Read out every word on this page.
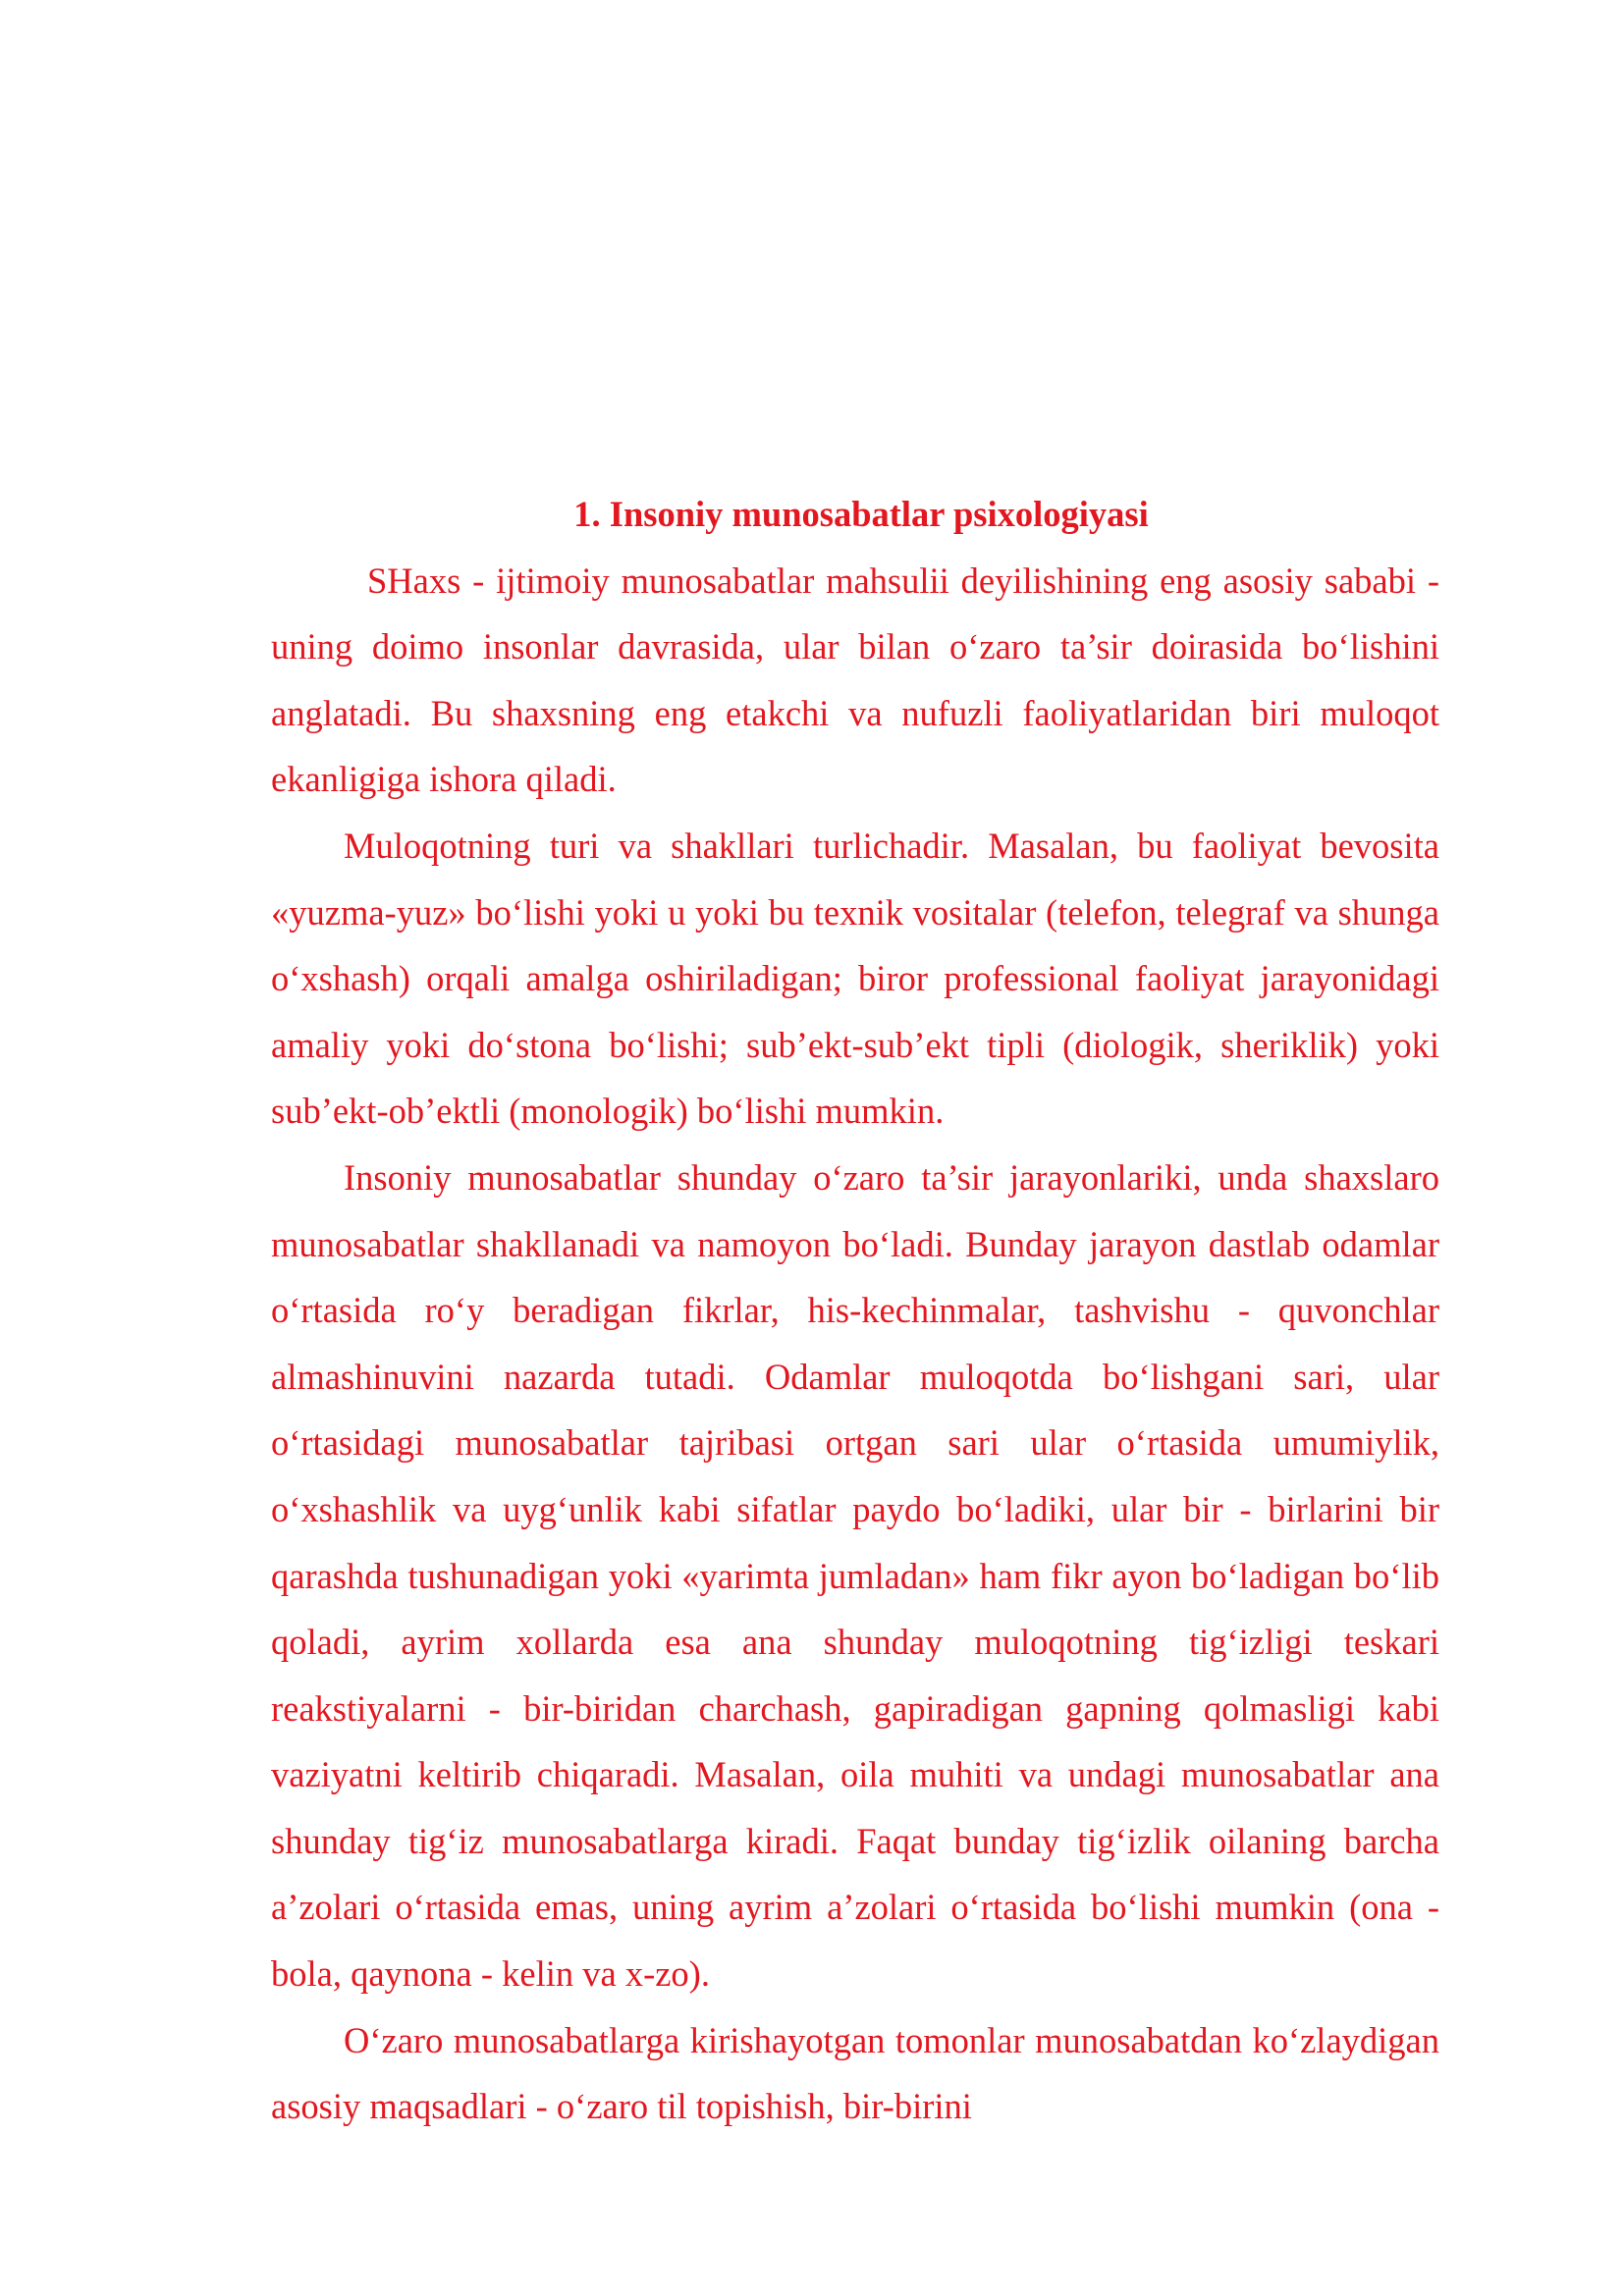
1. Insoniy munosabatlar psixologiyasi

SHaxs - ijtimoiy munosabatlar mahsulii deyilishining eng asosiy sababi - uning doimo insonlar davrasida, ular bilan o‘zaro ta’sir doirasida bo‘lishini anglatadi. Bu shaxsning eng etakchi va nufuzli faoliyatlaridan biri muloqot ekanligiga ishora qiladi.

Muloqotning turi va shakllari turlichadir. Masalan, bu faoliyat bevosita «yuzma-yuz» bo‘lishi yoki u yoki bu texnik vositalar (telefon, telegraf va shunga o‘xshash) orqali amalga oshiriladigan; biror professional faoliyat jarayonidagi amaliy yoki do‘stona bo‘lishi; sub’ekt-sub’ekt tipli (diologik, sheriklik) yoki sub’ekt-ob’ektli (monologik) bo‘lishi mumkin.

Insoniy munosabatlar shunday o‘zaro ta’sir jarayonlariki, unda shaxslaro munosabatlar shakllanadi va namoyon bo‘ladi. Bunday jarayon dastlab odamlar o‘rtasida ro‘y beradigan fikrlar, his-kechinmalar, tashvishu - quvonchlar almashinuvini nazarda tutadi. Odamlar muloqotda bo‘lishgani sari, ular o‘rtasidagi munosabatlar tajribasi ortgan sari ular o‘rtasida umumiylik, o‘xshashlik va uyg‘unlik kabi sifatlar paydo bo‘ladiki, ular bir - birlarini bir qarashda tushunadigan yoki «yarimta jumladan» ham fikr ayon bo‘ladigan bo‘lib qoladi, ayrim xollarda esa ana shunday muloqotning tig‘izligi teskari reakstiyalarni - bir-biridan charchash, gapiradigan gapning qolmasligi kabi vaziyatni keltirib chiqaradi. Masalan, oila muhiti va undagi munosabatlar ana shunday tig‘iz munosabatlarga kiradi. Faqat bunday tig‘izlik oilaning barcha a’zolari o‘rtasida emas, uning ayrim a’zolari o‘rtasida bo‘lishi mumkin (ona - bola, qaynona - kelin va x-zo).

O‘zaro munosabatlarga kirishayotgan tomonlar munosabatdan ko‘zlaydigan asosiy maqsadlari - o‘zaro til topishish, bir-birini
